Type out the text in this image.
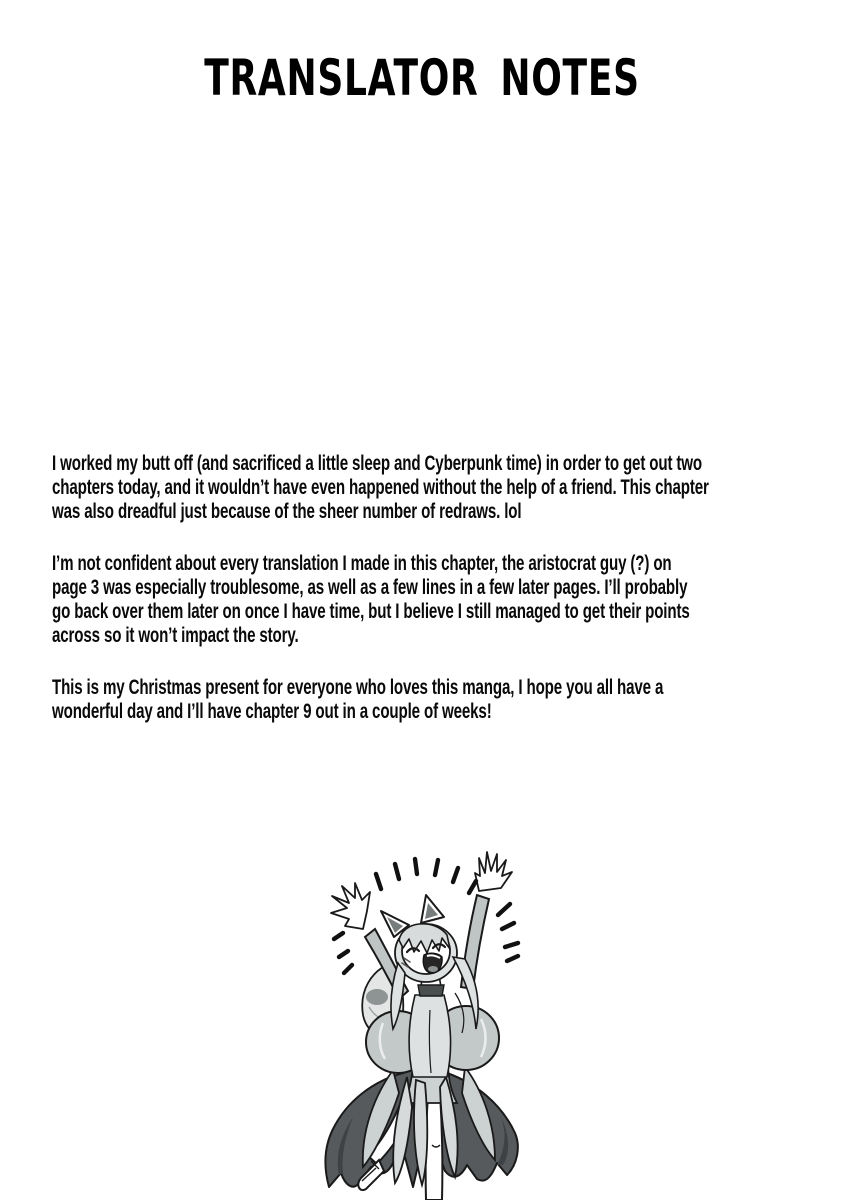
TRANSLATOR NOTES
I worked my butt off (and sacrificed a little sleep and Cyberpunk time) in order to get out two
chapters today, and it wouldn’t have even happened without the help of a friend. This chapter
was also dreadful just because of the sheer number of redraws. lol
I’m not confident about every translation I made in this chapter, the aristocrat guy (?) on
page 3 was especially troublesome, as well as a few lines in a few later pages. I’ll probably
go back over them later on once I have time, but I believe I still managed to get their points
across so it won’t impact the story.
This is my Christmas present for everyone who loves this manga, I hope you all have a
wonderful day and I’ll have chapter 9 out in a couple of weeks!
